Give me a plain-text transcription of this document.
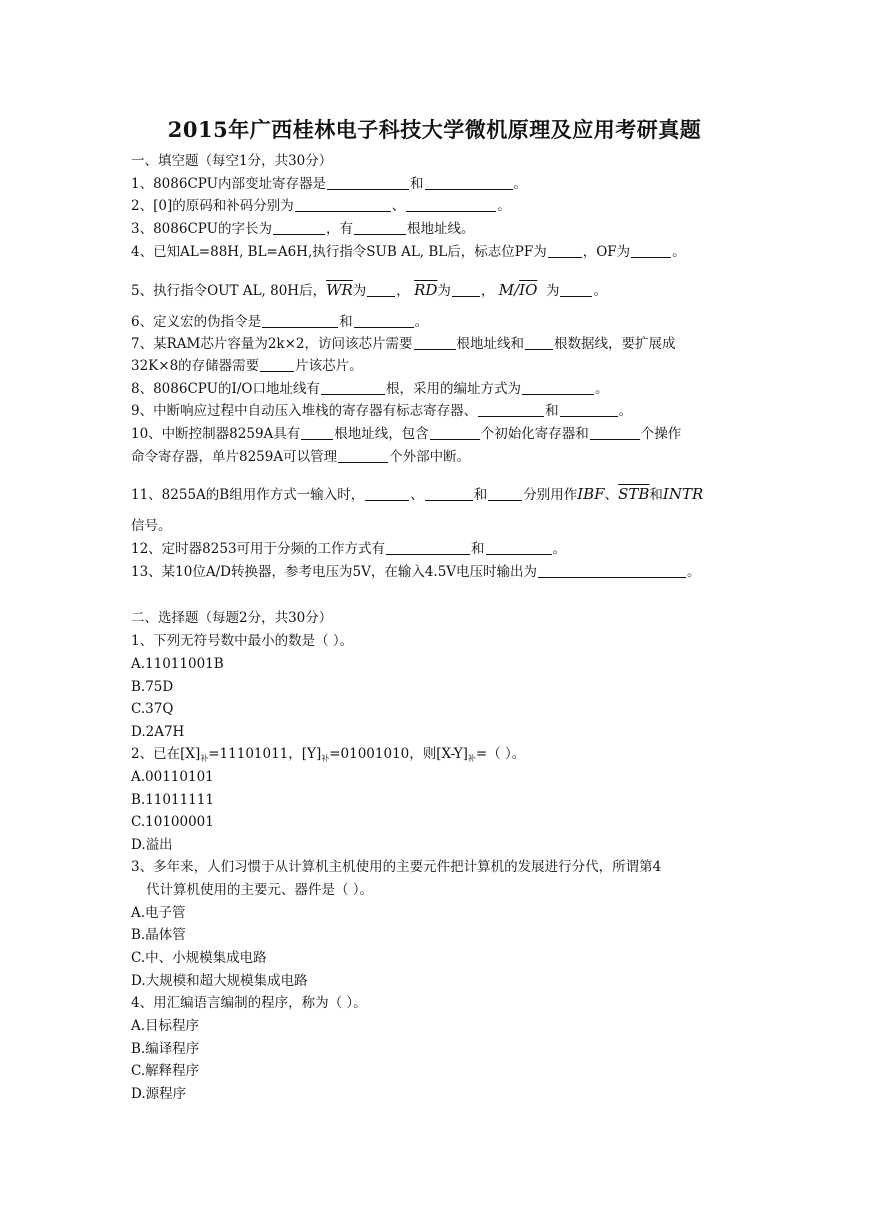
2015年广西桂林电子科技大学微机原理及应用考研真题
一、填空题（每空1分，共30分）
1、8086CPU内部变址寄存器是	和	。
2、[0]的原码和补码分别为	、	。
3、8086CPU的字长为	，有	根地址线。
4、已知AL=88H, BL=A6H,执行指令SUB AL, BL后，标志位PF为	，OF为	。
5、执行指令OUT AL, 80H后，$\overline{WR}$为 ， $\overline{RD}$为 ， $M/\overline{IO}$ 为	。
6、定义宏的伪指令是	和	。
7、某RAM芯片容量为2k×2，访问该芯片需要	根地址线和 根数据线，要扩展成
32K×8的存储器需要	片该芯片。
8、8086CPU的I/O口地址线有	根，采用的编址方式为	。
9、中断响应过程中自动压入堆栈的寄存器有标志寄存器、	和	。
10、中断控制器8259A具有	根地址线，包含	个初始化寄存器和	个操作
命令寄存器，单片8259A可以管理	个外部中断。
11、8255A的B组用作方式一输入时，	、	和	分别用作IBF、$\overline{STB}$和INTR
信号。
12、定时器8253可用于分频的工作方式有	和	。
13、某10位A/D转换器，参考电压为5V，在输入4.5V电压时输出为	。
二、选择题（每题2分，共30分）
1、下列无符号数中最小的数是（ ）。
A.11011001B
B.75D
C.37Q
D.2A7H
2、已在$[X]_补=11101011$，$[Y]_补=01001010$，则$[X-Y]_补=$（ ）。
A.00110101
B.11011111
C.10100001
D.溢出
3、多年来，人们习惯于从计算机主机使用的主要元件把计算机的发展进行分代，所谓第4
代计算机使用的主要元、器件是（ ）。
A.电子管
B.晶体管
C.中、小规模集成电路
D.大规模和超大规模集成电路
4、用汇编语言编制的程序，称为（ ）。
A.目标程序
B.编译程序
C.解释程序
D.源程序
